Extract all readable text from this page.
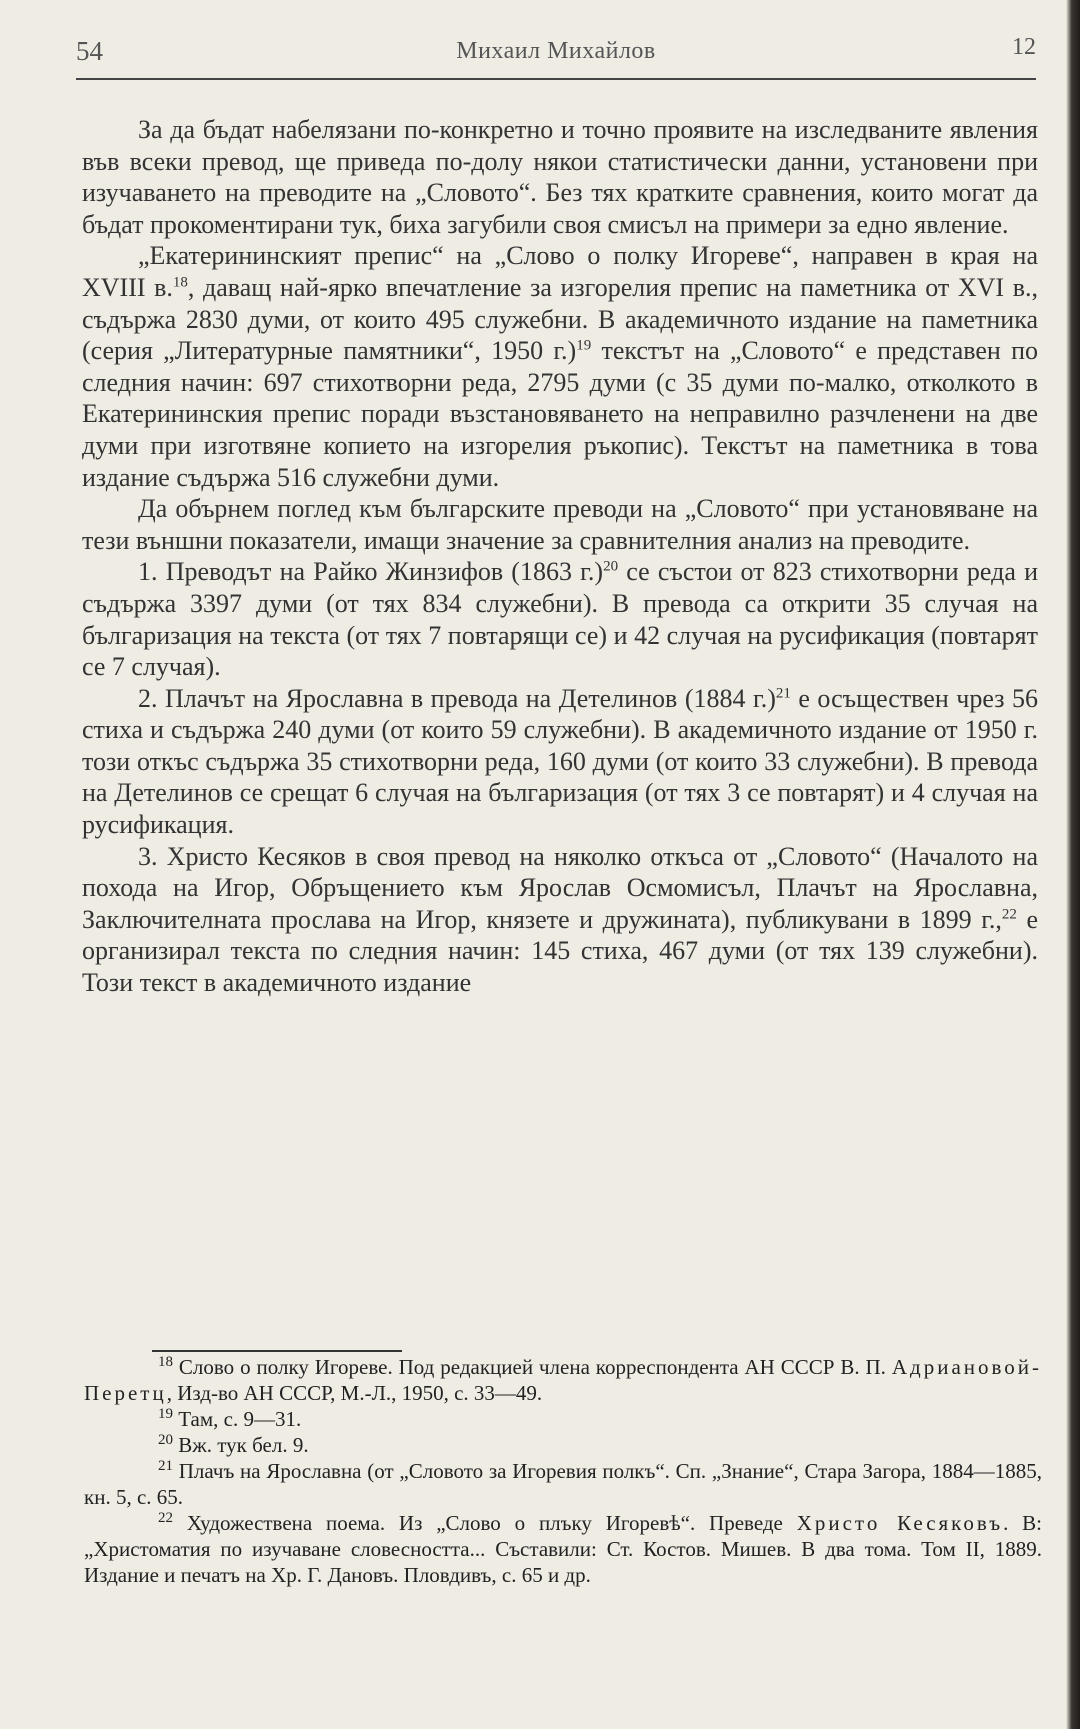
54	Михаил Михайлов	12

За да бъдат набелязани по-конкретно и точно проявите на изследваните явления във всеки превод, ще приведа по-долу някои статистически данни, установени при изучаването на преводите на „Словото“. Без тях кратките сравнения, които могат да бъдат прокоментирани тук, биха загубили своя смисъл на примери за едно явление.

„Екатерининският препис“ на „Слово о полку Игореве“, направен в края на XVIII в.$^{18}$, даващ най-ярко впечатление за изгорелия препис на паметника от XVI в., съдържа 2830 думи, от които 495 служебни. В академичното издание на паметника (серия „Литературные памятники“, 1950 г.)$^{19}$ текстът на „Словото“ е представен по следния начин: 697 стихотворни реда, 2795 думи (с 35 думи по-малко, отколкото в Екатерининския препис поради възстановяването на неправилно разчленени на две думи при изготвяне копието на изгорелия ръкопис). Текстът на паметника в това издание съдържа 516 служебни думи.

Да обърнем поглед към българските преводи на „Словото“ при установяване на тези външни показатели, имащи значение за сравнителния анализ на преводите.

1. Преводът на Райко Жинзифов (1863 г.)$^{20}$ се състои от 823 стихотворни реда и съдържа 3397 думи (от тях 834 служебни). В превода са открити 35 случая на българизация на текста (от тях 7 повтарящи се) и 42 случая на русификация (повтарят се 7 случая).

2. Плачът на Ярославна в превода на Детелинов (1884 г.)$^{21}$ е осъществен чрез 56 стиха и съдържа 240 думи (от които 59 служебни). В академичното издание от 1950 г. този откъс съдържа 35 стихотворни реда, 160 думи (от които 33 служебни). В превода на Детелинов се срещат 6 случая на българизация (от тях 3 се повтарят) и 4 случая на русификация.

3. Христо Кесяков в своя превод на няколко откъса от „Словото“ (Началото на похода на Игор, Обръщението към Ярослав Осмомисъл, Плачът на Ярославна, Заключителната прослава на Игор, князете и дружината), публикувани в 1899 г.,$^{22}$ е организирал текста по следния начин: 145 стиха, 467 думи (от тях 139 служебни). Този текст в академичното издание

$^{18}$ Слово о полку Игореве. Под редакцией члена корреспондента АН СССР В. П. Адриановой-Перетц, Изд-во АН СССР, М.-Л., 1950, с. 33—49.

$^{19}$ Там, с. 9—31.

$^{20}$ Вж. тук бел. 9.

$^{21}$ Плачъ на Ярославна (от „Словото за Игоревия полкъ“. Сп. „Знание“, Стара Загора, 1884—1885, кн. 5, с. 65.

$^{22}$ Художествена поема. Из „Слово о плъку Игоревѣ“. Преведе Христо Кесяковъ. В: „Христоматия по изучаване словесността... Съставили: Ст. Костов. Мишев. В два тома. Том II, 1889. Издание и печатъ на Хр. Г. Дановъ. Пловдивъ, с. 65 и др.
